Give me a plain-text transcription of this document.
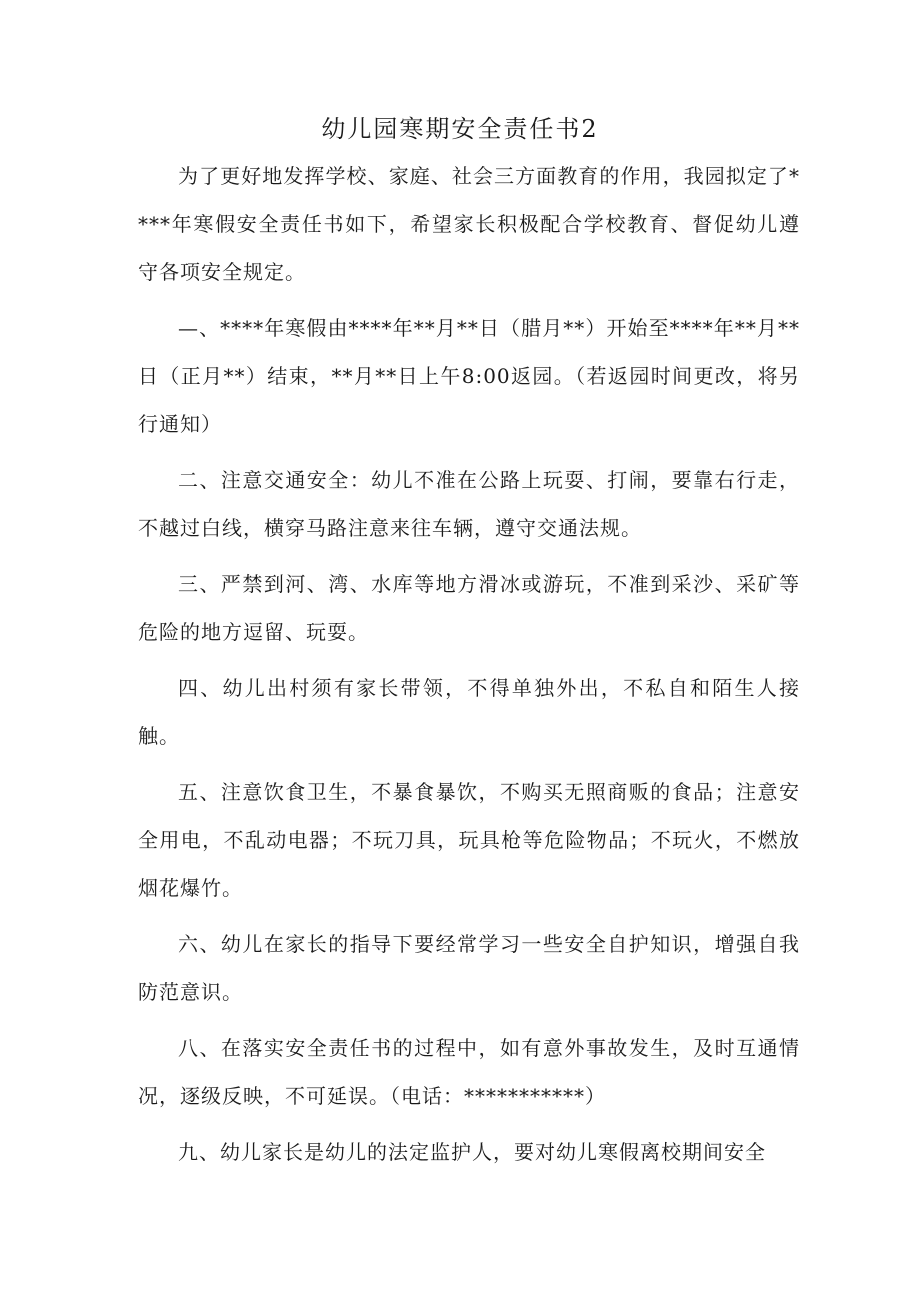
幼儿园寒期安全责任书2

为了更好地发挥学校、家庭、社会三方面教育的作用，我园拟定了****年寒假安全责任书如下，希望家长积极配合学校教育、督促幼儿遵守各项安全规定。

—、****年寒假由****年**月**日（腊月**）开始至****年**月**日（正月**）结束，**月**日上午8:00返园。（若返园时间更改，将另行通知）

二、注意交通安全：幼儿不准在公路上玩耍、打闹，要靠右行走，不越过白线，横穿马路注意来往车辆，遵守交通法规。

三、严禁到河、湾、水库等地方滑冰或游玩，不准到采沙、采矿等危险的地方逗留、玩耍。

四、幼儿出村须有家长带领，不得单独外出，不私自和陌生人接触。

五、注意饮食卫生，不暴食暴饮，不购买无照商贩的食品；注意安全用电，不乱动电器；不玩刀具，玩具枪等危险物品；不玩火，不燃放烟花爆竹。

六、幼儿在家长的指导下要经常学习一些安全自护知识，增强自我防范意识。

八、在落实安全责任书的过程中，如有意外事故发生，及时互通情况，逐级反映，不可延误。（电话：***********）

九、幼儿家长是幼儿的法定监护人，要对幼儿寒假离校期间安全
